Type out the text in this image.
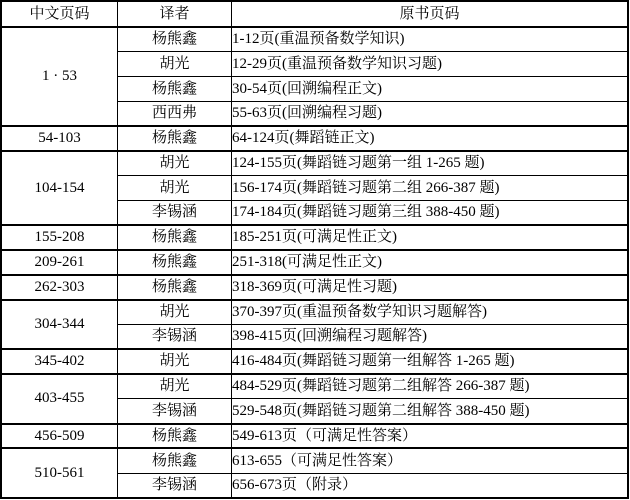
中文页码	译者	原书页码
1 · 53	杨熊鑫	1-12页(重温预备数学知识)
	胡光	12-29页(重温预备数学知识习题)
	杨熊鑫	30-54页(回溯编程正文)
	西西弗	55-63页(回溯编程习题)
54-103	杨熊鑫	64-124页(舞蹈链正文)
104-154	胡光	124-155页(舞蹈链习题第一组 1-265 题)
	胡光	156-174页(舞蹈链习题第二组 266-387 题)
	李锡涵	174-184页(舞蹈链习题第三组 388-450 题)
155-208	杨熊鑫	185-251页(可满足性正文)
209-261	杨熊鑫	251-318(可满足性正文)
262-303	杨熊鑫	318-369页(可满足性习题)
304-344	胡光	370-397页(重温预备数学知识习题解答)
	李锡涵	398-415页(回溯编程习题解答)
345-402	胡光	416-484页(舞蹈链习题第一组解答 1-265 题)
403-455	胡光	484-529页(舞蹈链习题第二组解答 266-387 题)
	李锡涵	529-548页(舞蹈链习题第二组解答 388-450 题)
456-509	杨熊鑫	549-613页（可满足性答案）
510-561	杨熊鑫	613-655（可满足性答案）
	李锡涵	656-673页（附录）
